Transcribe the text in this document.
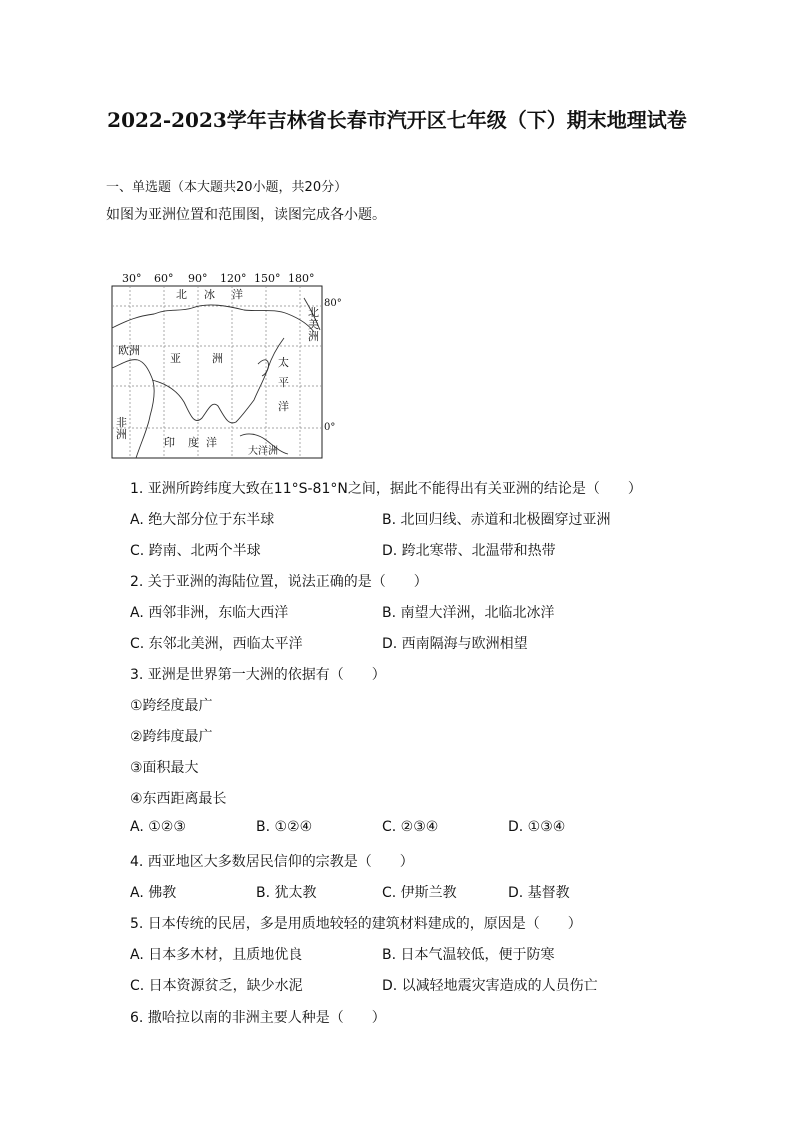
2022-2023学年吉林省长春市汽开区七年级（下）期末地理试卷
一、单选题（本大题共20小题，共20分）
如图为亚洲位置和范围图，读图完成各小题。
30° 60° 90° 120° 150° 180°
北 冰 洋
欧洲
亚	洲	太
平
洋
北
美
洲
非
洲
印 度 洋
大洋洲
80°
0°
1. 亚洲所跨纬度大致在11°S-81°N之间，据此不能得出有关亚洲的结论是（　　）
A. 绝大部分位于东半球	B. 北回归线、赤道和北极圈穿过亚洲
C. 跨南、北两个半球	D. 跨北寒带、北温带和热带
2. 关于亚洲的海陆位置，说法正确的是（　　）
A. 西邻非洲，东临大西洋	B. 南望大洋洲，北临北冰洋
C. 东邻北美洲，西临太平洋	D. 西南隔海与欧洲相望
3. 亚洲是世界第一大洲的依据有（　　）
①跨经度最广
②跨纬度最广
③面积最大
④东西距离最长
A. ①②③	B. ①②④	C. ②③④	D. ①③④
4. 西亚地区大多数居民信仰的宗教是（　　）
A. 佛教	B. 犹太教	C. 伊斯兰教	D. 基督教
5. 日本传统的民居，多是用质地较轻的建筑材料建成的，原因是（　　）
A. 日本多木材，且质地优良	B. 日本气温较低，便于防寒
C. 日本资源贫乏，缺少水泥	D. 以减轻地震灾害造成的人员伤亡
6. 撒哈拉以南的非洲主要人种是（　　）
